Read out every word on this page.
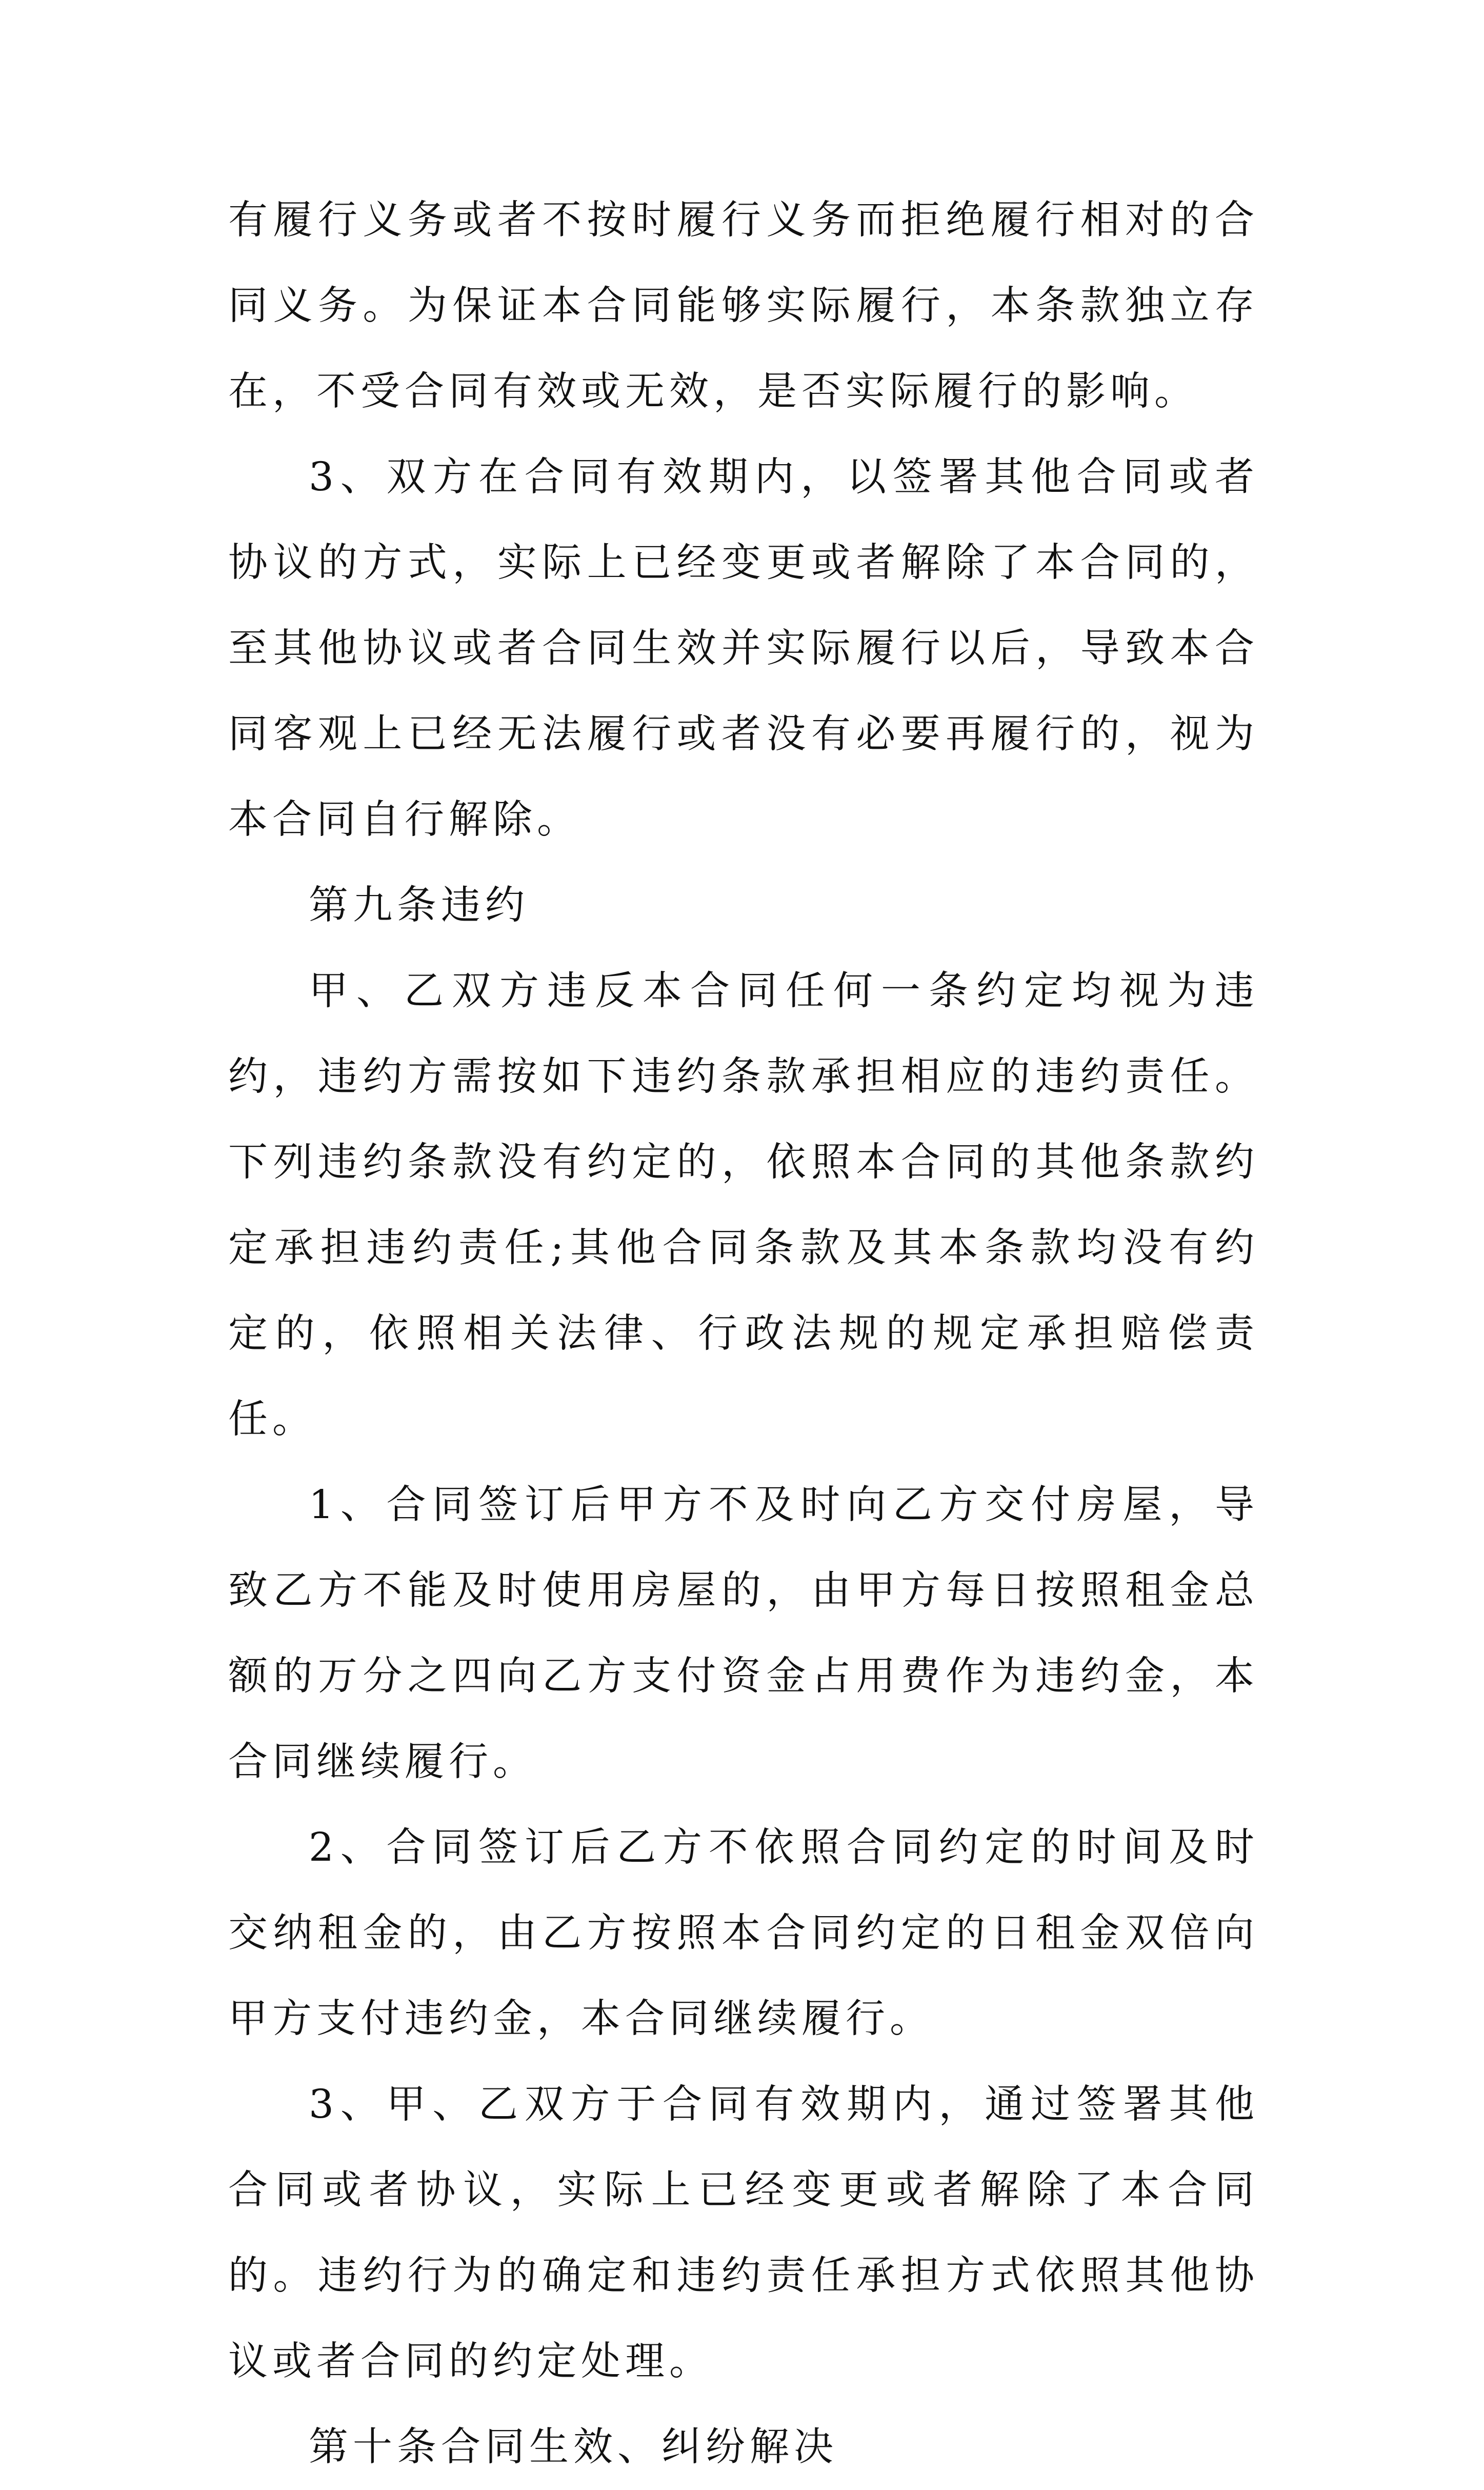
有履行义务或者不按时履行义务而拒绝履行相对的合同义务。为保证本合同能够实际履行，本条款独立存在，不受合同有效或无效，是否实际履行的影响。

3、双方在合同有效期内，以签署其他合同或者协议的方式，实际上已经变更或者解除了本合同的，至其他协议或者合同生效并实际履行以后，导致本合同客观上已经无法履行或者没有必要再履行的，视为本合同自行解除。

第九条违约

甲、乙双方违反本合同任何一条约定均视为违约，违约方需按如下违约条款承担相应的违约责任。下列违约条款没有约定的，依照本合同的其他条款约定承担违约责任;其他合同条款及其本条款均没有约定的，依照相关法律、行政法规的规定承担赔偿责任。

1、合同签订后甲方不及时向乙方交付房屋，导致乙方不能及时使用房屋的，由甲方每日按照租金总额的万分之四向乙方支付资金占用费作为违约金，本合同继续履行。

2、合同签订后乙方不依照合同约定的时间及时交纳租金的，由乙方按照本合同约定的日租金双倍向甲方支付违约金，本合同继续履行。

3、甲、乙双方于合同有效期内，通过签署其他合同或者协议，实际上已经变更或者解除了本合同的。违约行为的确定和违约责任承担方式依照其他协议或者合同的约定处理。

第十条合同生效、纠纷解决
